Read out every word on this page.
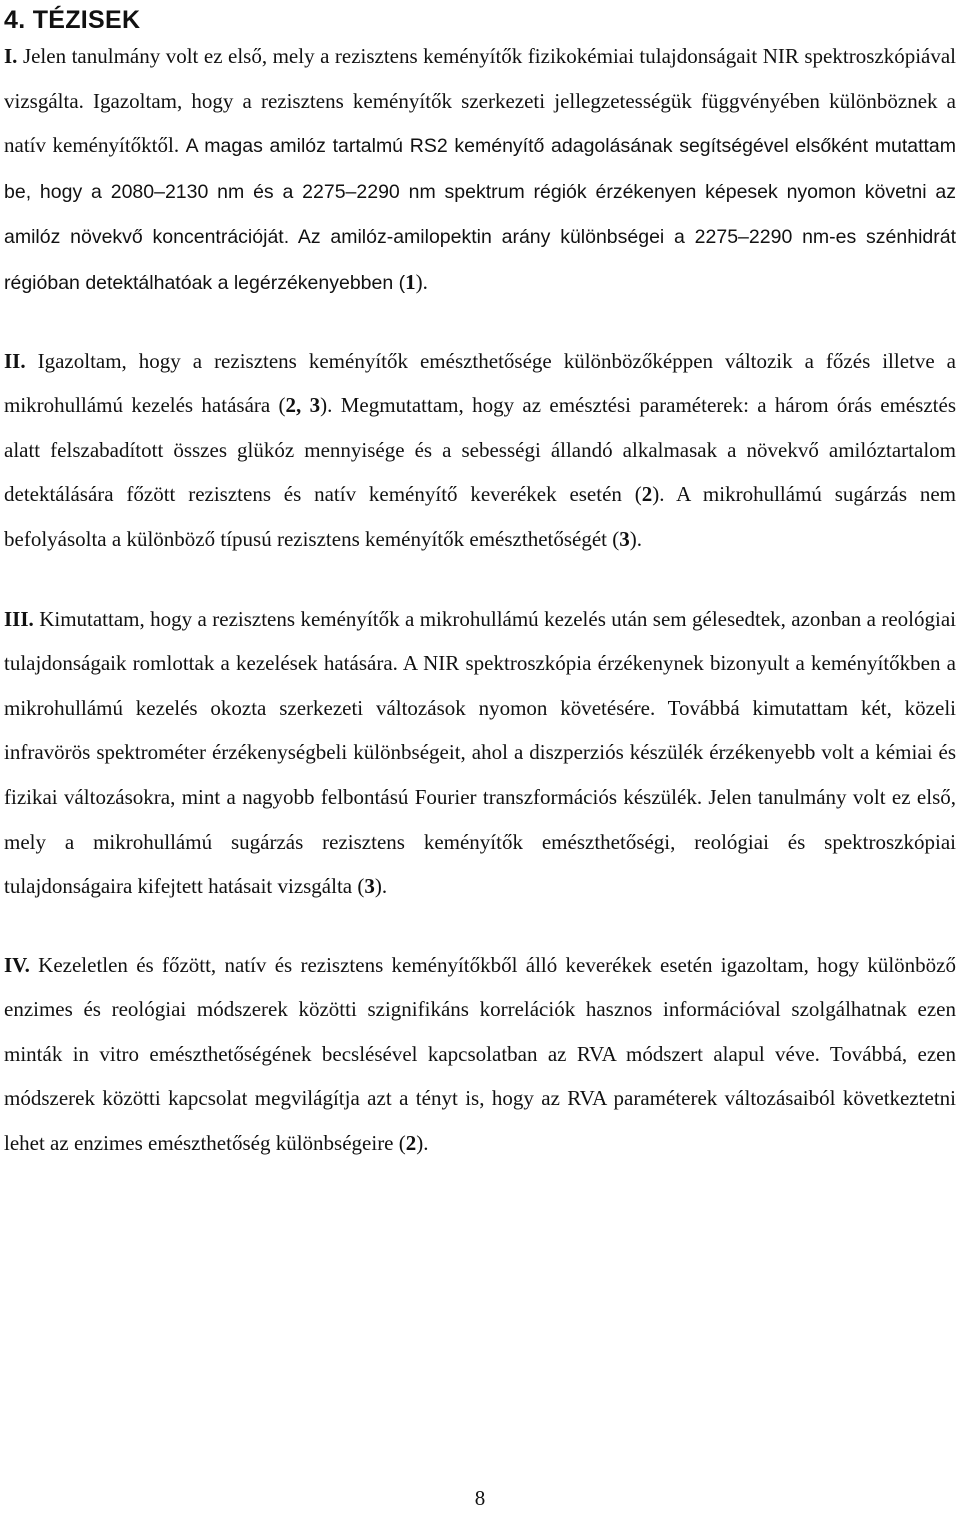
4. TÉZISEK

I. Jelen tanulmány volt ez első, mely a rezisztens keményítők fizikokémiai tulajdonságait NIR spektroszkópiával vizsgálta. Igazoltam, hogy a rezisztens keményítők szerkezeti jellegzetességük függvényében különböznek a natív keményítőktől. A magas amilóz tartalmú RS2 keményítő adagolásának segítségével elsőként mutattam be, hogy a 2080–2130 nm és a 2275–2290 nm spektrum régiók érzékenyen képesek nyomon követni az amilóz növekvő koncentrációját. Az amilóz-amilopektin arány különbségei a 2275–2290 nm-es szénhidrát régióban detektálhatóak a legérzékenyebben (1).

II. Igazoltam, hogy a rezisztens keményítők emészthetősége különbözőképpen változik a főzés illetve a mikrohullámú kezelés hatására (2, 3). Megmutattam, hogy az emésztési paraméterek: a három órás emésztés alatt felszabadított összes glükóz mennyisége és a sebességi állandó alkalmasak a növekvő amilóztartalom detektálására főzött rezisztens és natív keményítő keverékek esetén (2). A mikrohullámú sugárzás nem befolyásolta a különböző típusú rezisztens keményítők emészthetőségét (3).

III. Kimutattam, hogy a rezisztens keményítők a mikrohullámú kezelés után sem gélesedtek, azonban a reológiai tulajdonságaik romlottak a kezelések hatására. A NIR spektroszkópia érzékenynek bizonyult a keményítőkben a mikrohullámú kezelés okozta szerkezeti változások nyomon követésére. Továbbá kimutattam két, közeli infravörös spektrométer érzékenységbeli különbségeit, ahol a diszperziós készülék érzékenyebb volt a kémiai és fizikai változásokra, mint a nagyobb felbontású Fourier transzformációs készülék. Jelen tanulmány volt ez első, mely a mikrohullámú sugárzás rezisztens keményítők emészthetőségi, reológiai és spektroszkópiai tulajdonságaira kifejtett hatásait vizsgálta (3).

IV. Kezeletlen és főzött, natív és rezisztens keményítőkből álló keverékek esetén igazoltam, hogy különböző enzimes és reológiai módszerek közötti szignifikáns korrelációk hasznos információval szolgálhatnak ezen minták in vitro emészthetőségének becslésével kapcsolatban az RVA módszert alapul véve. Továbbá, ezen módszerek közötti kapcsolat megvilágítja azt a tényt is, hogy az RVA paraméterek változásaiból következtetni lehet az enzimes emészthetőség különbségeire (2).

8
